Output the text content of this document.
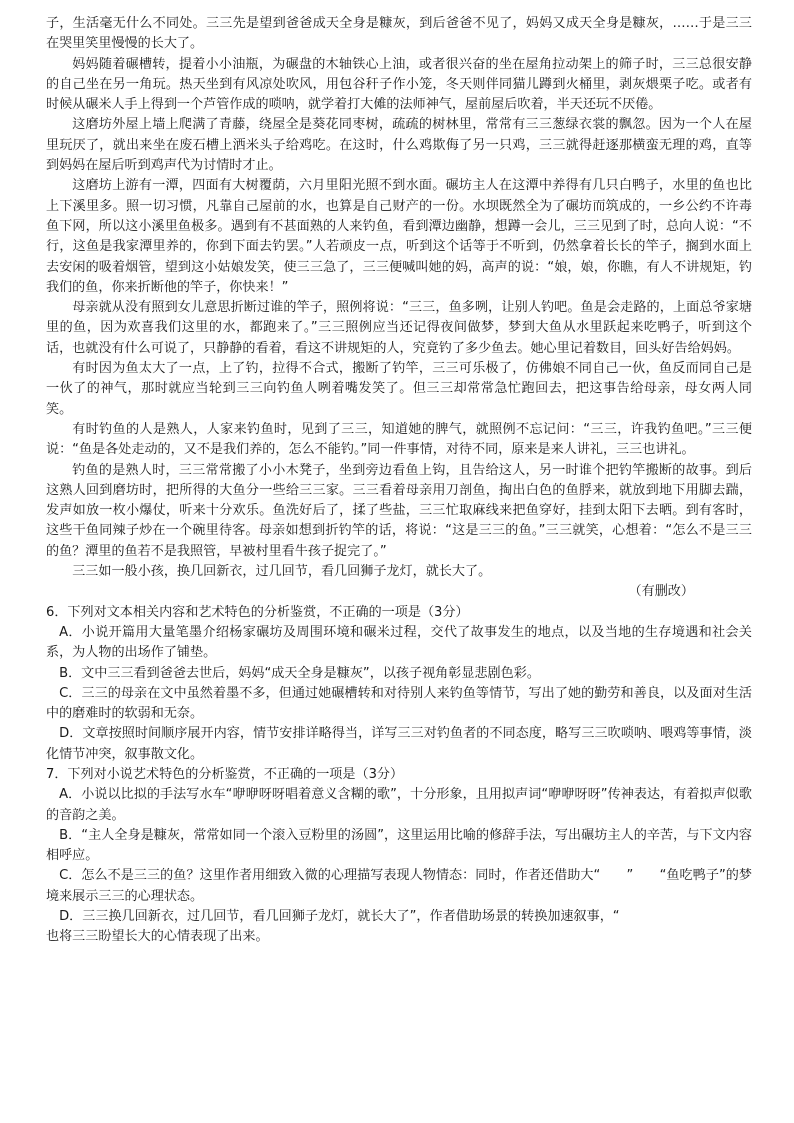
子，生活毫无什么不同处。三三先是望到爸爸成天全身是糠灰，到后爸爸不见了，妈妈又成天全身是糠灰，……于是三三在哭里笑里慢慢的长大了。

妈妈随着碾槽转，提着小小油瓶，为碾盘的木轴铁心上油，或者很兴奋的坐在屋角拉动架上的筛子时，三三总很安静的自己坐在另一角玩。热天坐到有风凉处吹风，用包谷秆子作小笼，冬天则伴同猫儿蹲到火桶里，剥灰煨栗子吃。或者有时候从碾米人手上得到一个芦管作成的唢呐，就学着打大傩的法师神气，屋前屋后吹着，半天还玩不厌倦。

这磨坊外屋上墙上爬满了青藤，绕屋全是葵花同枣树，疏疏的树林里，常常有三三葱绿衣裳的飘忽。因为一个人在屋里玩厌了，就出来坐在废石槽上洒米头子给鸡吃。在这时，什么鸡欺侮了另一只鸡，三三就得赶逐那横蛮无理的鸡，直等到妈妈在屋后听到鸡声代为讨情时才止。

这磨坊上游有一潭，四面有大树覆荫，六月里阳光照不到水面。碾坊主人在这潭中养得有几只白鸭子，水里的鱼也比上下溪里多。照一切习惯，凡靠自己屋前的水，也算是自己财产的一份。水坝既然全为了碾坊而筑成的，一乡公约不许毒鱼下网，所以这小溪里鱼极多。遇到有不甚面熟的人来钓鱼，看到潭边幽静，想蹲一会儿，三三见到了时，总向人说：“不行，这鱼是我家潭里养的，你到下面去钓罢。”人若顽皮一点，听到这个话等于不听到，仍然拿着长长的竿子，搁到水面上去安闲的吸着烟管，望到这小姑娘发笑，使三三急了，三三便喊叫她的妈，高声的说：“娘，娘，你瞧，有人不讲规矩，钓我们的鱼，你来折断他的竿子，你快来！”

母亲就从没有照到女儿意思折断过谁的竿子，照例将说：“三三，鱼多咧，让别人钓吧。鱼是会走路的，上面总爷家塘里的鱼，因为欢喜我们这里的水，都跑来了。”三三照例应当还记得夜间做梦，梦到大鱼从水里跃起来吃鸭子，听到这个话，也就没有什么可说了，只静静的看着，看这不讲规矩的人，究竟钓了多少鱼去。她心里记着数目，回头好告给妈妈。

有时因为鱼太大了一点，上了钓，拉得不合式，搬断了钓竿，三三可乐极了，仿佛娘不同自己一伙，鱼反而同自己是一伙了的神气，那时就应当轮到三三向钓鱼人咧着嘴发笑了。但三三却常常急忙跑回去，把这事告给母亲，母女两人同笑。

有时钓鱼的人是熟人，人家来钓鱼时，见到了三三，知道她的脾气，就照例不忘记问：“三三，许我钓鱼吧。”三三便说：“鱼是各处走动的，又不是我们养的，怎么不能钓。”同一件事情，对待不同，原来是来人讲礼，三三也讲礼。

钓鱼的是熟人时，三三常常搬了小小木凳子，坐到旁边看鱼上钩，且告给这人，另一时谁个把钓竿搬断的故事。到后这熟人回到磨坊时，把所得的大鱼分一些给三三家。三三看着母亲用刀剖鱼，掏出白色的鱼脬来，就放到地下用脚去踹，发声如放一枚小爆仗，听来十分欢乐。鱼洗好后了，揉了些盐，三三忙取麻线来把鱼穿好，挂到太阳下去晒。到有客时，这些干鱼同辣子炒在一个碗里待客。母亲如想到折钓竿的话，将说：“这是三三的鱼。”三三就笑，心想着：“怎么不是三三的鱼？潭里的鱼若不是我照管，早被村里看牛孩子捉完了。”

三三如一般小孩，换几回新衣，过几回节，看几回狮子龙灯，就长大了。

（有删改）

6．下列对文本相关内容和艺术特色的分析鉴赏，不正确的一项是（3分）

A．小说开篇用大量笔墨介绍杨家碾坊及周围环境和碾米过程，交代了故事发生的地点，以及当地的生存境遇和社会关系，为人物的出场作了铺垫。

B．文中三三看到爸爸去世后，妈妈“成天全身是糠灰”，以孩子视角彰显悲剧色彩。

C．三三的母亲在文中虽然着墨不多，但通过她碾槽转和对待别人来钓鱼等情节，写出了她的勤劳和善良，以及面对生活中的磨难时的软弱和无奈。

D．文章按照时间顺序展开内容，情节安排详略得当，详写三三对钓鱼者的不同态度，略写三三吹唢呐、喂鸡等事情，淡化情节冲突，叙事散文化。

7．下列对小说艺术特色的分析鉴赏，不正确的一项是（3分）

A．小说以比拟的手法写水车“咿咿呀呀唱着意义含糊的歌”，十分形象，且用拟声词“咿咿呀呀”传神表达，有着拟声似歌的音韵之美。

B．“主人全身是糠灰，常常如同一个滚入豆粉里的汤圆”，这里运用比喻的修辞手法，写出碾坊主人的辛苦，与下文内容相呼应。

C．怎么不是三三的鱼？这里作者用细致入微的心理描写表现人物情态：同时，作者还借助大“　　”　　“鱼吃鸭子”的梦境来展示三三的心理状态。

D．三三换几回新衣，过几回节，看几回狮子龙灯，就长大了”，作者借助场景的转换加速叙事，“

也将三三盼望长大的心情表现了出来。
